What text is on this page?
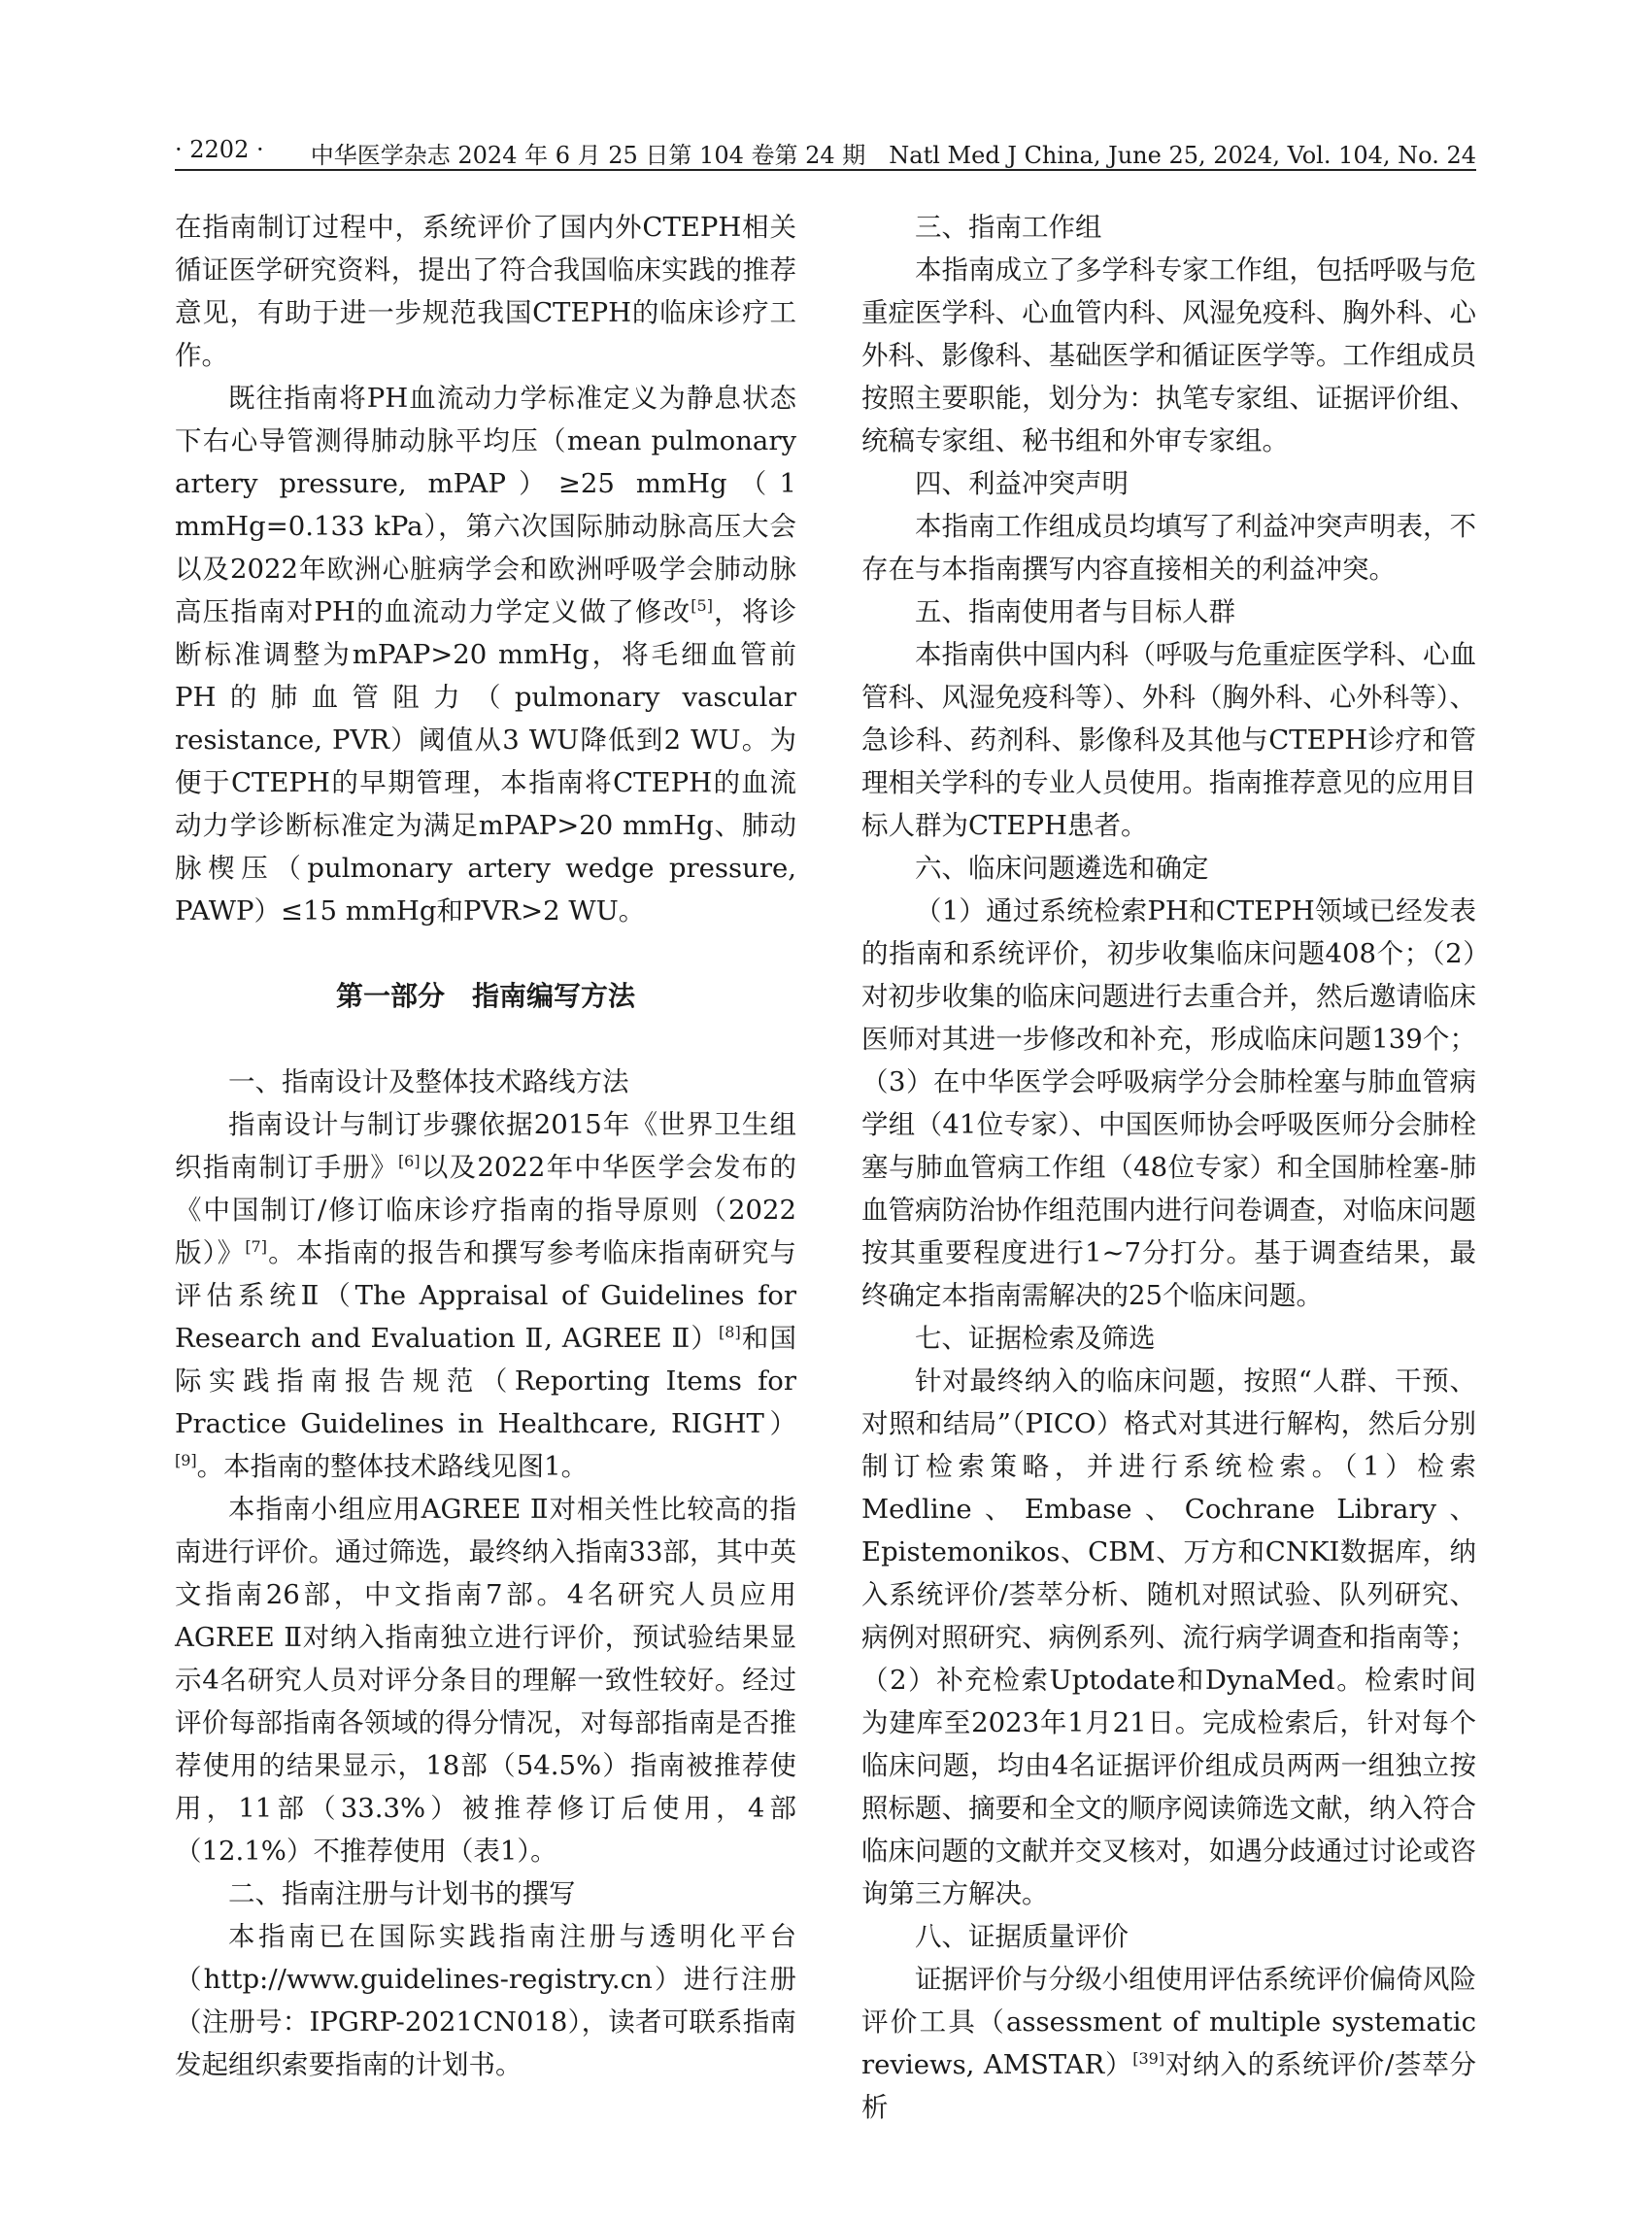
· 2202 · 中华医学杂志 2024 年 6 月 25 日第 104 卷第 24 期　Natl Med J China, June 25, 2024, Vol. 104, No. 24

在指南制订过程中，系统评价了国内外CTEPH相关循证医学研究资料，提出了符合我国临床实践的推荐意见，有助于进一步规范我国CTEPH的临床诊疗工作。

既往指南将PH血流动力学标准定义为静息状态下右心导管测得肺动脉平均压（mean pulmonary artery pressure, mPAP）≥25 mmHg（1 mmHg=0.133 kPa），第六次国际肺动脉高压大会以及2022年欧洲心脏病学会和欧洲呼吸学会肺动脉高压指南对PH的血流动力学定义做了修改[5]，将诊断标准调整为mPAP>20 mmHg，将毛细血管前PH的肺血管阻力（pulmonary vascular resistance, PVR）阈值从3 WU降低到2 WU。为便于CTEPH的早期管理，本指南将CTEPH的血流动力学诊断标准定为满足mPAP>20 mmHg、肺动脉楔压（pulmonary artery wedge pressure, PAWP）≤15 mmHg和PVR>2 WU。

第一部分　指南编写方法

一、指南设计及整体技术路线方法

指南设计与制订步骤依据2015年《世界卫生组织指南制订手册》[6]以及2022年中华医学会发布的《中国制订/修订临床诊疗指南的指导原则（2022版）》[7]。本指南的报告和撰写参考临床指南研究与评估系统Ⅱ（The Appraisal of Guidelines for Research and Evaluation Ⅱ, AGREE Ⅱ）[8]和国际实践指南报告规范（Reporting Items for Practice Guidelines in Healthcare, RIGHT）[9]。本指南的整体技术路线见图1。

本指南小组应用AGREE Ⅱ对相关性比较高的指南进行评价。通过筛选，最终纳入指南33部，其中英文指南26部，中文指南7部。4名研究人员应用AGREE Ⅱ对纳入指南独立进行评价，预试验结果显示4名研究人员对评分条目的理解一致性较好。经过评价每部指南各领域的得分情况，对每部指南是否推荐使用的结果显示，18部（54.5%）指南被推荐使用，11部（33.3%）被推荐修订后使用，4部（12.1%）不推荐使用（表1）。

二、指南注册与计划书的撰写

本指南已在国际实践指南注册与透明化平台（http://www.guidelines-registry.cn）进行注册（注册号：IPGRP-2021CN018），读者可联系指南发起组织索要指南的计划书。

三、指南工作组

本指南成立了多学科专家工作组，包括呼吸与危重症医学科、心血管内科、风湿免疫科、胸外科、心外科、影像科、基础医学和循证医学等。工作组成员按照主要职能，划分为：执笔专家组、证据评价组、统稿专家组、秘书组和外审专家组。

四、利益冲突声明

本指南工作组成员均填写了利益冲突声明表，不存在与本指南撰写内容直接相关的利益冲突。

五、指南使用者与目标人群

本指南供中国内科（呼吸与危重症医学科、心血管科、风湿免疫科等）、外科（胸外科、心外科等）、急诊科、药剂科、影像科及其他与CTEPH诊疗和管理相关学科的专业人员使用。指南推荐意见的应用目标人群为CTEPH患者。

六、临床问题遴选和确定

（1）通过系统检索PH和CTEPH领域已经发表的指南和系统评价，初步收集临床问题408个；（2）对初步收集的临床问题进行去重合并，然后邀请临床医师对其进一步修改和补充，形成临床问题139个；（3）在中华医学会呼吸病学分会肺栓塞与肺血管病学组（41位专家）、中国医师协会呼吸医师分会肺栓塞与肺血管病工作组（48位专家）和全国肺栓塞-肺血管病防治协作组范围内进行问卷调查，对临床问题按其重要程度进行1~7分打分。基于调查结果，最终确定本指南需解决的25个临床问题。

七、证据检索及筛选

针对最终纳入的临床问题，按照“人群、干预、对照和结局”（PICO）格式对其进行解构，然后分别制订检索策略，并进行系统检索。（1）检索Medline、Embase、Cochrane Library、Epistemonikos、CBM、万方和CNKI数据库，纳入系统评价/荟萃分析、随机对照试验、队列研究、病例对照研究、病例系列、流行病学调查和指南等；（2）补充检索Uptodate和DynaMed。检索时间为建库至2023年1月21日。完成检索后，针对每个临床问题，均由4名证据评价组成员两两一组独立按照标题、摘要和全文的顺序阅读筛选文献，纳入符合临床问题的文献并交叉核对，如遇分歧通过讨论或咨询第三方解决。

八、证据质量评价

证据评价与分级小组使用评估系统评价偏倚风险评价工具（assessment of multiple systematic reviews, AMSTAR）[39]对纳入的系统评价/荟萃分析
